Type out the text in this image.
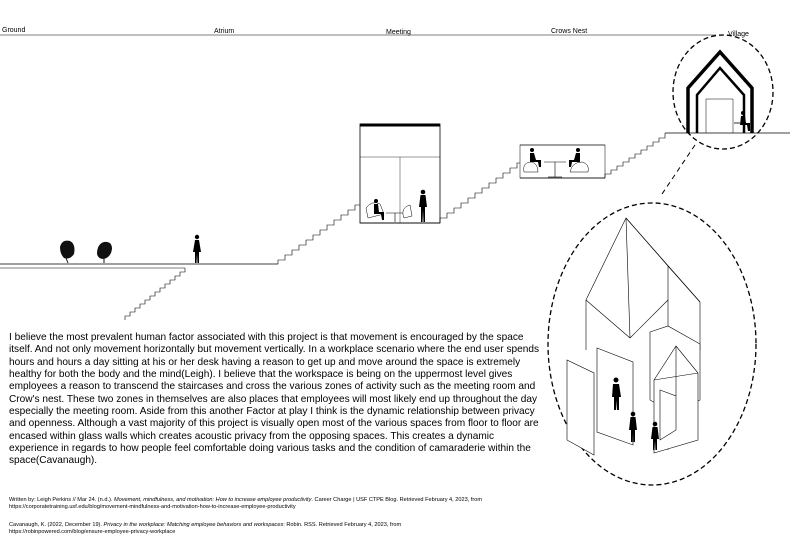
Ground	Atrium	Meeting	Crows Nest	Village
I believe the most prevalent human factor associated with this project is that movement is encouraged by the space itself. And not only movement horizontally but movement vertically. In a workplace scenario where the end user spends hours and hours a day sitting at his or her desk having a reason to get up and move around the space is extremely healthy for both the body and the mind(Leigh). I believe that the workspace is being on the uppermost level gives employees a reason to transcend the staircases and cross the various zones of activity such as the meeting room and Crow's nest. These two zones in themselves are also places that employees will most likely end up throughout the day especially the meeting room. Aside from this another Factor at play I think is the dynamic relationship between privacy and openness. Although a vast majority of this project is visually open most of the various spaces from floor to floor are encased within glass walls which creates acoustic privacy from the opposing spaces. This creates a dynamic experience in regards to how people feel comfortable doing various tasks and the condition of camaraderie within the space(Cavanaugh).
Written by: Leigh Perkins // Mar 24. (n.d.). Movement, mindfulness, and motivation: How to increase employee productivity. Career Charge | USF CTPE Blog. Retrieved February 4, 2023, from
https://corporatetraining.usf.edu/blog/movement-mindfulness-and-motivation-how-to-increase-employee-productivity
Cavanaugh, K. (2022, December 19). Privacy in the workplace: Matching employee behaviors and workspaces: Robin. RSS. Retrieved February 4, 2023, from
https://robinpowered.com/blog/ensure-employee-privacy-workplace
